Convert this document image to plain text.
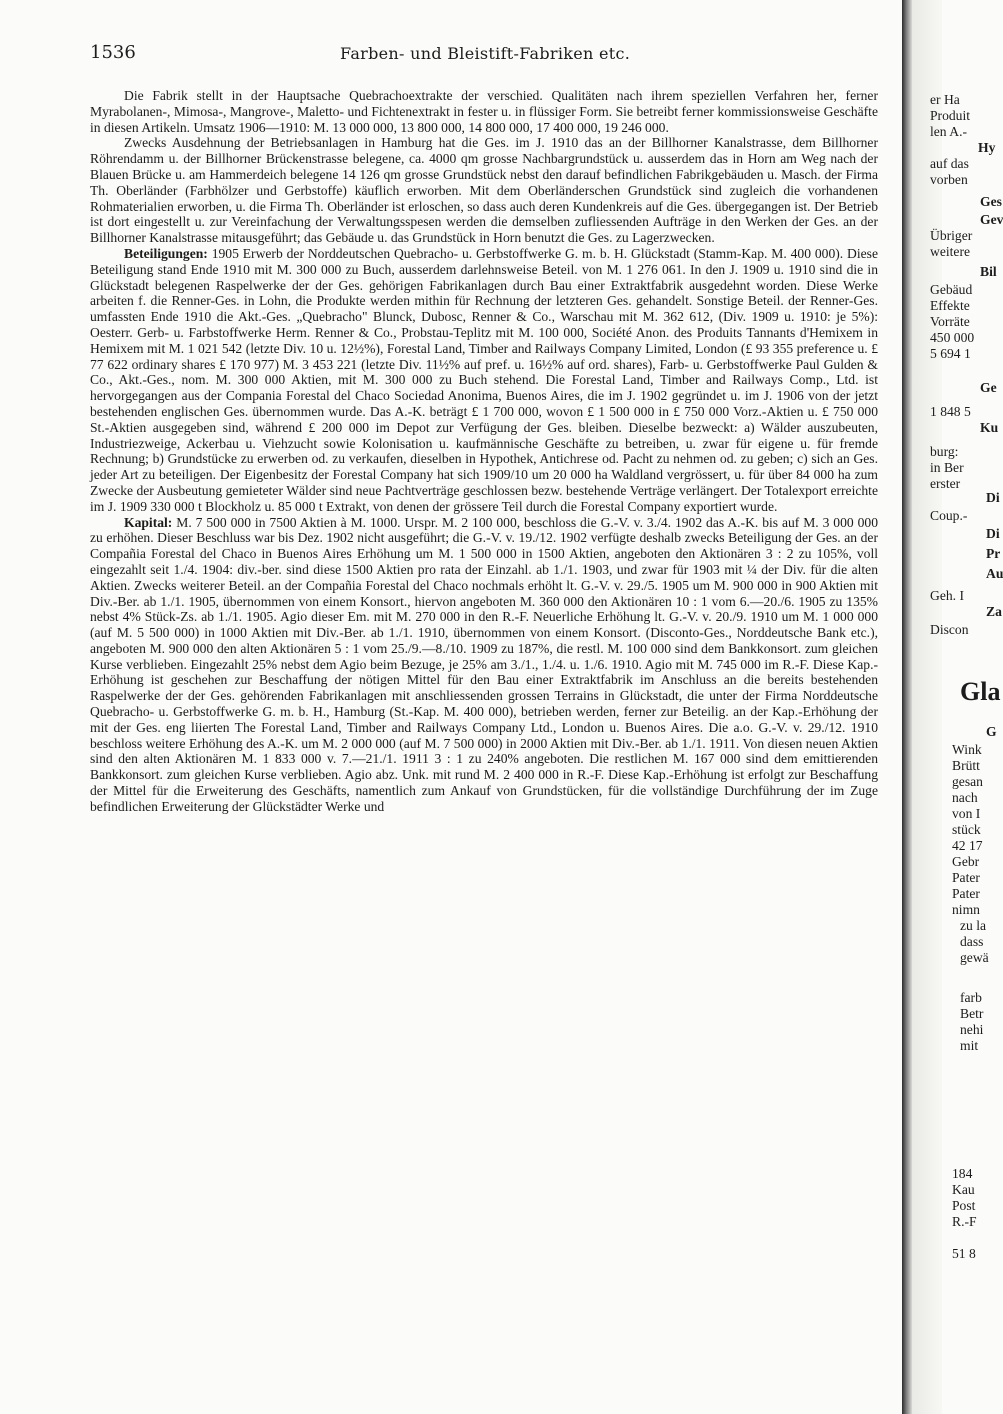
1536	Farben- und Bleistift-Fabriken etc.

Die Fabrik stellt in der Hauptsache Quebrachoextrakte der verschied. Qualitäten nach ihrem speziellen Verfahren her, ferner Myrabolanen-, Mimosa-, Mangrove-, Maletto- und Fichtenextrakt in fester u. in flüssiger Form. Sie betreibt ferner kommissionsweise Geschäfte in diesen Artikeln. Umsatz 1906—1910: M. 13 000 000, 13 800 000, 14 800 000, 17 400 000, 19 246 000.

Zwecks Ausdehnung der Betriebsanlagen in Hamburg hat die Ges. im J. 1910 das an der Billhorner Kanalstrasse, dem Billhorner Röhrendamm u. der Billhorner Brückenstrasse belegene, ca. 4000 qm grosse Nachbargrundstück u. ausserdem das in Horn am Weg nach der Blauen Brücke u. am Hammerdeich belegene 14 126 qm grosse Grundstück nebst den darauf befindlichen Fabrikgebäuden u. Masch. der Firma Th. Oberländer (Farbhölzer und Gerbstoffe) käuflich erworben. Mit dem Oberländerschen Grundstück sind zugleich die vorhandenen Rohmaterialien erworben, u. die Firma Th. Oberländer ist erloschen, so dass auch deren Kundenkreis auf die Ges. übergegangen ist. Der Betrieb ist dort eingestellt u. zur Vereinfachung der Verwaltungsspesen werden die demselben zufliessenden Aufträge in den Werken der Ges. an der Billhorner Kanalstrasse mitausgeführt; das Gebäude u. das Grundstück in Horn benutzt die Ges. zu Lagerzwecken.

Beteiligungen: 1905 Erwerb der Norddeutschen Quebracho- u. Gerbstoffwerke G. m. b. H. Glückstadt (Stamm-Kap. M. 400 000). Diese Beteiligung stand Ende 1910 mit M. 300 000 zu Buch, ausserdem darlehnsweise Beteil. von M. 1 276 061. In den J. 1909 u. 1910 sind die in Glückstadt belegenen Raspelwerke der der Ges. gehörigen Fabrikanlagen durch Bau einer Extraktfabrik ausgedehnt worden. Diese Werke arbeiten f. die Renner-Ges. in Lohn, die Produkte werden mithin für Rechnung der letzteren Ges. gehandelt. Sonstige Beteil. der Renner-Ges. umfassten Ende 1910 die Akt.-Ges. „Quebracho" Blunck, Dubosc, Renner & Co., Warschau mit M. 362 612, (Div. 1909 u. 1910: je 5%): Oesterr. Gerb- u. Farbstoffwerke Herm. Renner & Co., Probstau-Teplitz mit M. 100 000, Société Anon. des Produits Tannants d'Hemixem in Hemixem mit M. 1 021 542 (letzte Div. 10 u. 12½%), Forestal Land, Timber and Railways Company Limited, London (£ 93 355 preference u. £ 77 622 ordinary shares £ 170 977) M. 3 453 221 (letzte Div. 11½% auf pref. u. 16½% auf ord. shares), Farb- u. Gerbstoffwerke Paul Gulden & Co., Akt.-Ges., nom. M. 300 000 Aktien, mit M. 300 000 zu Buch stehend. Die Forestal Land, Timber and Railways Comp., Ltd. ist hervorgegangen aus der Compania Forestal del Chaco Sociedad Anonima, Buenos Aires, die im J. 1902 gegründet u. im J. 1906 von der jetzt bestehenden englischen Ges. übernommen wurde. Das A.-K. beträgt £ 1 700 000, wovon £ 1 500 000 in £ 750 000 Vorz.-Aktien u. £ 750 000 St.-Aktien ausgegeben sind, während £ 200 000 im Depot zur Verfügung der Ges. bleiben. Dieselbe bezweckt: a) Wälder auszubeuten, Industriezweige, Ackerbau u. Viehzucht sowie Kolonisation u. kaufmännische Geschäfte zu betreiben, u. zwar für eigene u. für fremde Rechnung; b) Grundstücke zu erwerben od. zu verkaufen, dieselben in Hypothek, Antichrese od. Pacht zu nehmen od. zu geben; c) sich an Ges. jeder Art zu beteiligen. Der Eigenbesitz der Forestal Company hat sich 1909/10 um 20 000 ha Waldland vergrössert, u. für über 84 000 ha zum Zwecke der Ausbeutung gemieteter Wälder sind neue Pachtverträge geschlossen bezw. bestehende Verträge verlängert. Der Totalexport erreichte im J. 1909 330 000 t Blockholz u. 85 000 t Extrakt, von denen der grössere Teil durch die Forestal Company exportiert wurde.

Kapital: M. 7 500 000 in 7500 Aktien à M. 1000. Urspr. M. 2 100 000, beschloss die G.-V. v. 3./4. 1902 das A.-K. bis auf M. 3 000 000 zu erhöhen. Dieser Beschluss war bis Dez. 1902 nicht ausgeführt; die G.-V. v. 19./12. 1902 verfügte deshalb zwecks Beteiligung der Ges. an der Compañia Forestal del Chaco in Buenos Aires Erhöhung um M. 1 500 000 in 1500 Aktien, angeboten den Aktionären 3 : 2 zu 105%, voll eingezahlt seit 1./4. 1904: div.-ber. sind diese 1500 Aktien pro rata der Einzahl. ab 1./1. 1903, und zwar für 1903 mit ¼ der Div. für die alten Aktien. Zwecks weiterer Beteil. an der Compañia Forestal del Chaco nochmals erhöht lt. G.-V. v. 29./5. 1905 um M. 900 000 in 900 Aktien mit Div.-Ber. ab 1./1. 1905, übernommen von einem Konsort., hiervon angeboten M. 360 000 den Aktionären 10 : 1 vom 6.—20./6. 1905 zu 135% nebst 4% Stück-Zs. ab 1./1. 1905. Agio dieser Em. mit M. 270 000 in den R.-F. Neuerliche Erhöhung lt. G.-V. v. 20./9. 1910 um M. 1 000 000 (auf M. 5 500 000) in 1000 Aktien mit Div.-Ber. ab 1./1. 1910, übernommen von einem Konsort. (Disconto-Ges., Norddeutsche Bank etc.), angeboten M. 900 000 den alten Aktionären 5 : 1 vom 25./9.—8./10. 1909 zu 187%, die restl. M. 100 000 sind dem Bankkonsort. zum gleichen Kurse verblieben. Eingezahlt 25% nebst dem Agio beim Bezuge, je 25% am 3./1., 1./4. u. 1./6. 1910. Agio mit M. 745 000 im R.-F. Diese Kap.-Erhöhung ist geschehen zur Beschaffung der nötigen Mittel für den Bau einer Extraktfabrik im Anschluss an die bereits bestehenden Raspelwerke der der Ges. gehörenden Fabrikanlagen mit anschliessenden grossen Terrains in Glückstadt, die unter der Firma Norddeutsche Quebracho- u. Gerbstoffwerke G. m. b. H., Hamburg (St.-Kap. M. 400 000), betrieben werden, ferner zur Beteilig. an der Kap.-Erhöhung der mit der Ges. eng liierten The Forestal Land, Timber and Railways Company Ltd., London u. Buenos Aires. Die a.o. G.-V. v. 29./12. 1910 beschloss weitere Erhöhung des A.-K. um M. 2 000 000 (auf M. 7 500 000) in 2000 Aktien mit Div.-Ber. ab 1./1. 1911. Von diesen neuen Aktien sind den alten Aktionären M. 1 833 000 v. 7.—21./1. 1911 3 : 1 zu 240% angeboten. Die restlichen M. 167 000 sind dem emittierenden Bankkonsort. zum gleichen Kurse verblieben. Agio abz. Unk. mit rund M. 2 400 000 in R.-F. Diese Kap.-Erhöhung ist erfolgt zur Beschaffung der Mittel für die Erweiterung des Geschäfts, namentlich zum Ankauf von Grundstücken, für die vollständige Durchführung der im Zuge befindlichen Erweiterung der Glückstädter Werke und

er Ha
Produit
len A.-
Hy
auf das
vorben
Ges
Gev
Übriger
weitere
Bil
Gebäud
Effekte
Vorräte
450 000
5 694 1
Ge
1 848 5
Ku
burg:
in Ber
erster
Di
Coup.-
Di
Pr
Au
Geh. I
Za
Discon
Gla
G
Wink
Brütt
gesan
nach
von I
stück
42 17
Gebr
Pater
Pater
nimn
zu la
dass
gewä
farb
Betr
nehi
mit
184
Kau
Post
R.-F
51 8
